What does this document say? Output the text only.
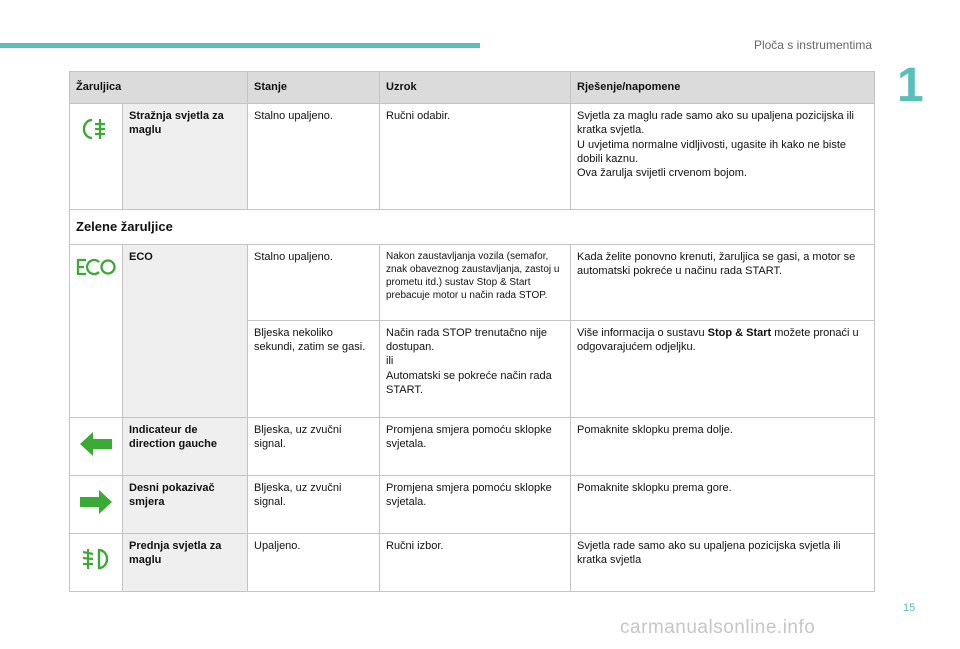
Ploča s instrumentima
1
Žaruljica		Stanje	Uzrok	Rješenje/napomene
	Stražnja svjetla za maglu	Stalno upaljeno.	Ručni odabir.	Svjetla za maglu rade samo ako su upaljena pozicijska ili kratka svjetla.
U uvjetima normalne vidljivosti, ugasite ih kako ne biste dobili kaznu.
Ova žarulja svijetli crvenom bojom.

Zelene žaruljice				
	ECO	Stalno upaljeno.	Nakon zaustavljanja vozila (semafor, znak obaveznog zaustavljanja, zastoj u prometu itd.) sustav Stop & Start prebacuje motor u način rada STOP.	Kada želite ponovno krenuti, žaruljica se gasi, a motor se automatski pokreće u načinu rada START.
		Bljeska nekoliko sekundi, zatim se gasi.	Način rada STOP trenutačno nije dostupan.
ili
Automatski se pokreće način rada START.	Više informacija o sustavu Stop & Start možete pronaći u odgovarajućem odjeljku.
	Indicateur de direction gauche	Bljeska, uz zvučni signal.	Promjena smjera pomoću sklopke svjetala.	Pomaknite sklopku prema dolje.
	Desni pokazivač smjera	Bljeska, uz zvučni signal.	Promjena smjera pomoću sklopke svjetala.	Pomaknite sklopku prema gore.
	Prednja svjetla za maglu	Upaljeno.	Ručni izbor.	Svjetla rade samo ako su upaljena pozicijska svjetla ili kratka svjetla
15
carmanualsonline.info
